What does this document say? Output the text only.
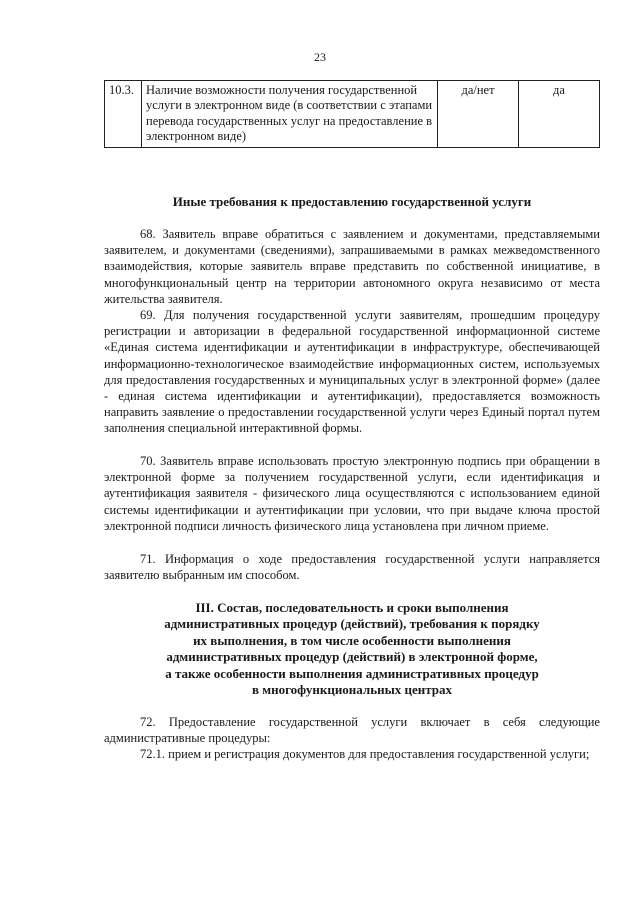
23
10.3.	Наличие возможности получения государственной услуги в электронном виде (в соответствии с этапами перевода государственных услуг на предоставление в электронном виде)	да/нет	да
Иные требования к предоставлению государственной услуги
68. Заявитель вправе обратиться с заявлением и документами, представляемыми заявителем, и документами (сведениями), запрашиваемыми в рамках межведомственного взаимодействия, которые заявитель вправе представить по собственной инициативе, в многофункциональный центр на территории автономного округа независимо от места жительства заявителя.
69. Для получения государственной услуги заявителям, прошедшим процедуру регистрации и авторизации в федеральной государственной информационной системе «Единая система идентификации и аутентификации в инфраструктуре, обеспечивающей информационно-технологическое взаимодействие информационных систем, используемых для предоставления государственных и муниципальных услуг в электронной форме» (далее - единая система идентификации и аутентификации), предоставляется возможность направить заявление о предоставлении государственной услуги через Единый портал путем заполнения специальной интерактивной формы.
70. Заявитель вправе использовать простую электронную подпись при обращении в электронной форме за получением государственной услуги, если идентификация и аутентификация заявителя - физического лица осуществляются с использованием единой системы идентификации и аутентификации при условии, что при выдаче ключа простой электронной подписи личность физического лица установлена при личном приеме.
71. Информация о ходе предоставления государственной услуги направляется заявителю выбранным им способом.
III. Состав, последовательность и сроки выполнения
административных процедур (действий), требования к порядку
их выполнения, в том числе особенности выполнения
административных процедур (действий) в электронной форме,
а также особенности выполнения административных процедур
в многофункциональных центрах
72. Предоставление государственной услуги включает в себя следующие административные процедуры:
72.1. прием и регистрация документов для предоставления государственной услуги;
